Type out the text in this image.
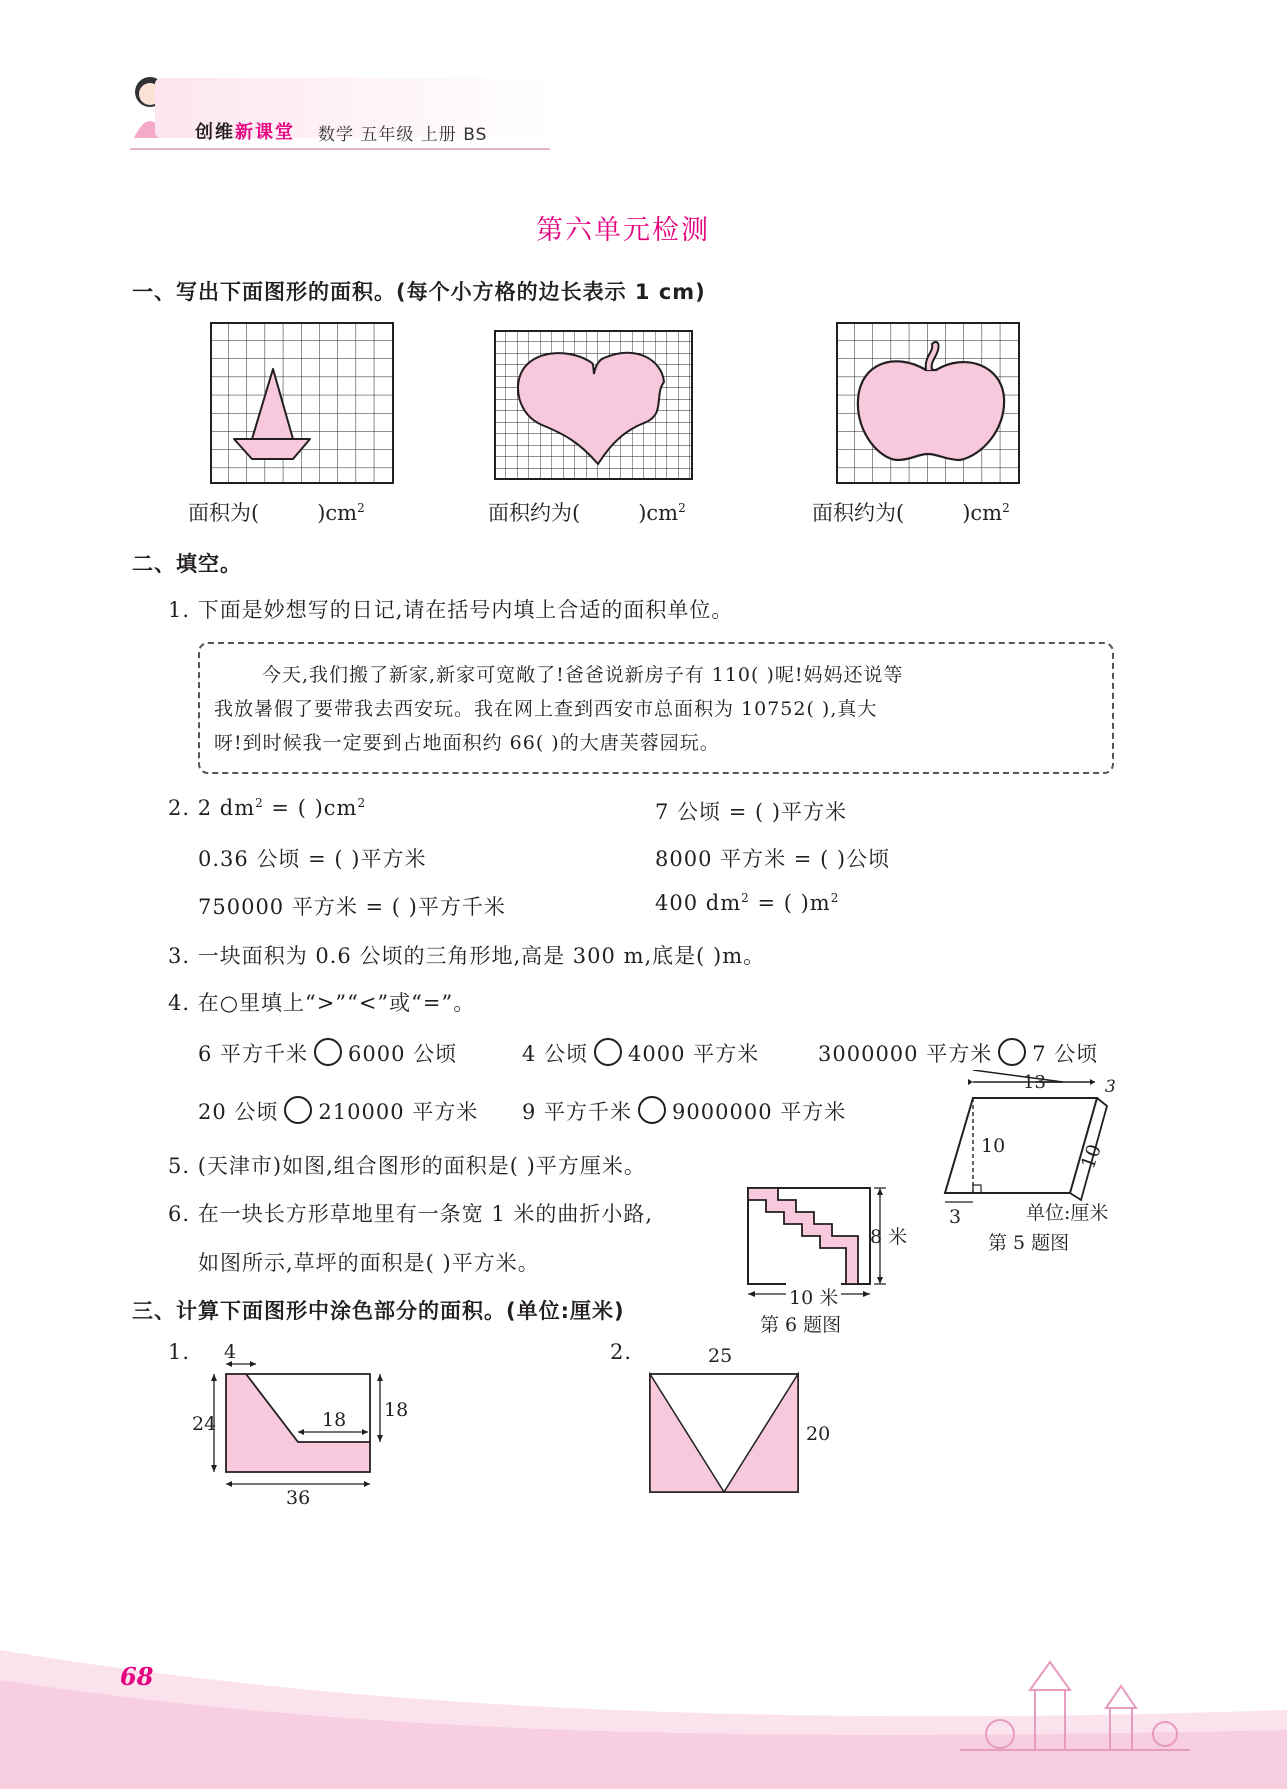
创维新课堂 数学 五年级 上册 BS
第六单元检测
一、写出下面图形的面积。(每个小方格的边长表示 1 cm)
面积为(	)$cm^2$	面积约为(	)$cm^2$	面积约为(	)$cm^2$
二、填空。
1. 下面是妙想写的日记,请在括号内填上合适的面积单位。
今天,我们搬了新家,新家可宽敞了!爸爸说新房子有 110( )呢!妈妈还说等
我放暑假了要带我去西安玩。我在网上查到西安市总面积为 10752( ),真大
呀!到时候我一定要到占地面积约 66( )的大唐芙蓉园玩。
2. 2 $dm^2$ = ( )$cm^2$	7 公顷 = ( )平方米
0.36 公顷 = ( )平方米	8000 平方米 = ( )公顷
750000 平方米 = ( )平方千米	400 $dm^2$ = ( )$m^2$
3. 一块面积为 0.6 公顷的三角形地,高是 300 m,底是( )m。
4. 在○里填上“>”“<”或“=”。
6 平方千米 6000 公顷	4 公顷 4000 平方米	3000000 平方米 7 公顷
20 公顷 210000 平方米 9 平方千米 9000000 平方米
13
10
3
10
3
单位:厘米
第 5 题图
5. (天津市)如图,组合图形的面积是( )平方厘米。
6. 在一块长方形草地里有一条宽 1 米的曲折小路,
如图所示,草坪的面积是( )平方米。
8 米
10 米
第 6 题图
三、计算下面图形中涂色部分的面积。(单位:厘米)
1. 4
24	18 18
36
2.	25
20
68
